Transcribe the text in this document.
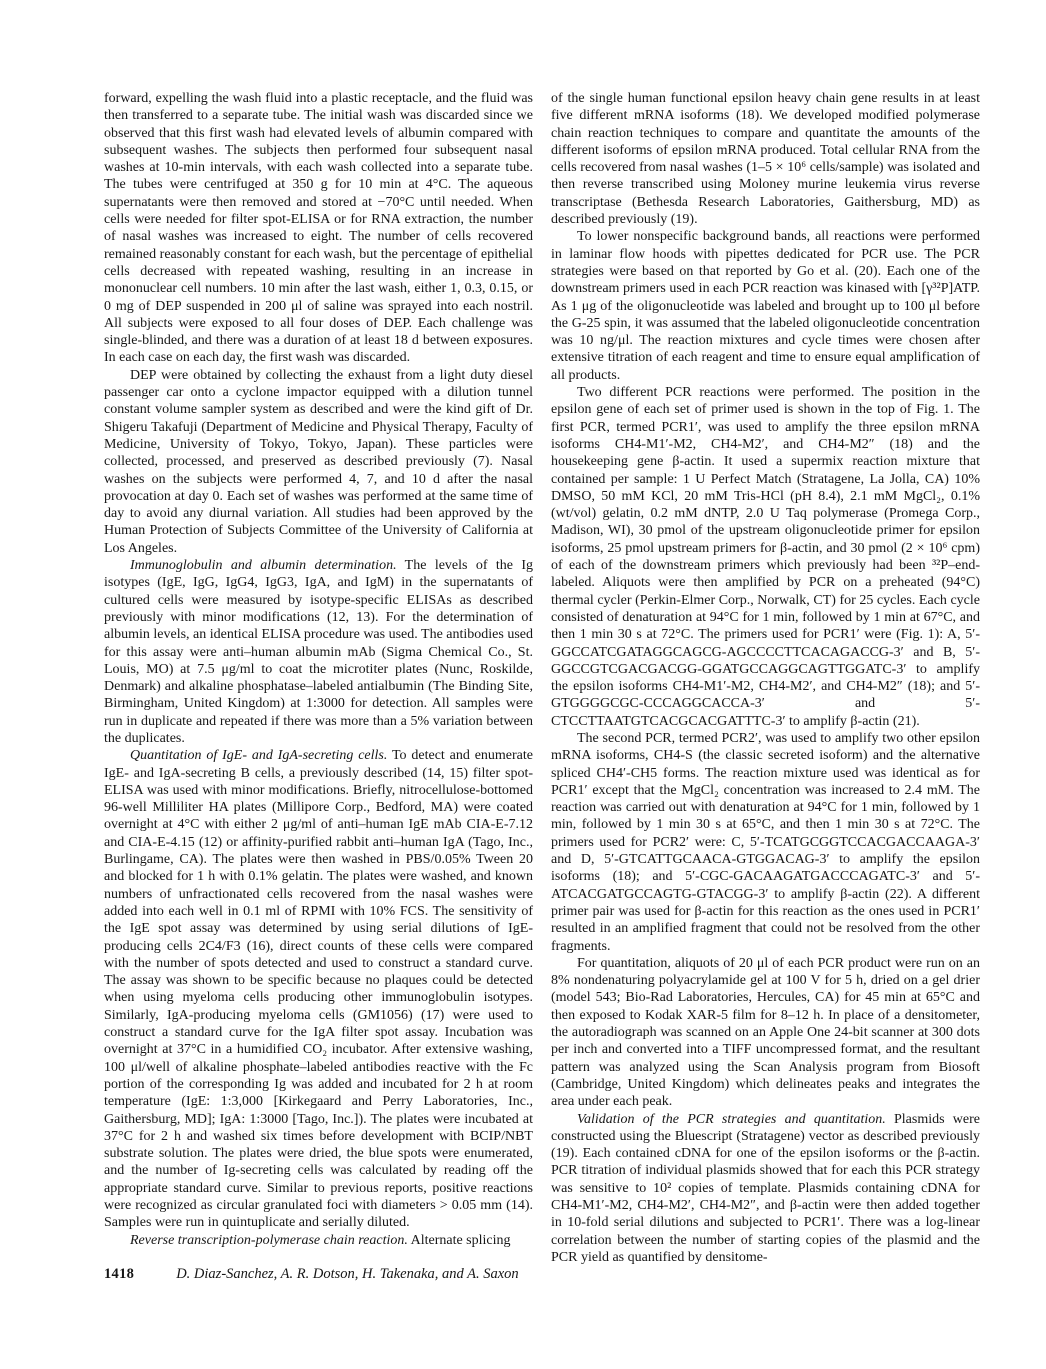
forward, expelling the wash fluid into a plastic receptacle, and the fluid was then transferred to a separate tube. The initial wash was discarded since we observed that this first wash had elevated levels of albumin compared with subsequent washes. The subjects then performed four subsequent nasal washes at 10-min intervals, with each wash collected into a separate tube. The tubes were centrifuged at 350 g for 10 min at 4°C. The aqueous supernatants were then removed and stored at −70°C until needed. When cells were needed for filter spot-ELISA or for RNA extraction, the number of nasal washes was increased to eight. The number of cells recovered remained reasonably constant for each wash, but the percentage of epithelial cells decreased with repeated washing, resulting in an increase in mononuclear cell numbers. 10 min after the last wash, either 1, 0.3, 0.15, or 0 mg of DEP suspended in 200 μl of saline was sprayed into each nostril. All subjects were exposed to all four doses of DEP. Each challenge was single-blinded, and there was a duration of at least 18 d between exposures. In each case on each day, the first wash was discarded.

DEP were obtained by collecting the exhaust from a light duty diesel passenger car onto a cyclone impactor equipped with a dilution tunnel constant volume sampler system as described and were the kind gift of Dr. Shigeru Takafuji (Department of Medicine and Physical Therapy, Faculty of Medicine, University of Tokyo, Tokyo, Japan). These particles were collected, processed, and preserved as described previously (7). Nasal washes on the subjects were performed 4, 7, and 10 d after the nasal provocation at day 0. Each set of washes was performed at the same time of day to avoid any diurnal variation. All studies had been approved by the Human Protection of Subjects Committee of the University of California at Los Angeles.

Immunoglobulin and albumin determination. The levels of the Ig isotypes (IgE, IgG, IgG4, IgG3, IgA, and IgM) in the supernatants of cultured cells were measured by isotype-specific ELISAs as described previously with minor modifications (12, 13). For the determination of albumin levels, an identical ELISA procedure was used. The antibodies used for this assay were anti–human albumin mAb (Sigma Chemical Co., St. Louis, MO) at 7.5 μg/ml to coat the microtiter plates (Nunc, Roskilde, Denmark) and alkaline phosphatase–labeled antialbumin (The Binding Site, Birmingham, United Kingdom) at 1:3000 for detection. All samples were run in duplicate and repeated if there was more than a 5% variation between the duplicates.

Quantitation of IgE- and IgA-secreting cells. To detect and enumerate IgE- and IgA-secreting B cells, a previously described (14, 15) filter spot-ELISA was used with minor modifications. Briefly, nitrocellulose-bottomed 96-well Milliliter HA plates (Millipore Corp., Bedford, MA) were coated overnight at 4°C with either 2 μg/ml of anti–human IgE mAb CIA-E-7.12 and CIA-E-4.15 (12) or affinity-purified rabbit anti–human IgA (Tago, Inc., Burlingame, CA). The plates were then washed in PBS/0.05% Tween 20 and blocked for 1 h with 0.1% gelatin. The plates were washed, and known numbers of unfractionated cells recovered from the nasal washes were added into each well in 0.1 ml of RPMI with 10% FCS. The sensitivity of the IgE spot assay was determined by using serial dilutions of IgE-producing cells 2C4/F3 (16), direct counts of these cells were compared with the number of spots detected and used to construct a standard curve. The assay was shown to be specific because no plaques could be detected when using myeloma cells producing other immunoglobulin isotypes. Similarly, IgA-producing myeloma cells (GM1056) (17) were used to construct a standard curve for the IgA filter spot assay. Incubation was overnight at 37°C in a humidified CO₂ incubator. After extensive washing, 100 μl/well of alkaline phosphate–labeled antibodies reactive with the Fc portion of the corresponding Ig was added and incubated for 2 h at room temperature (IgE: 1:3,000 [Kirkegaard and Perry Laboratories, Inc., Gaithersburg, MD]; IgA: 1:3000 [Tago, Inc.]). The plates were incubated at 37°C for 2 h and washed six times before development with BCIP/NBT substrate solution. The plates were dried, the blue spots were enumerated, and the number of Ig-secreting cells was calculated by reading off the appropriate standard curve. Similar to previous reports, positive reactions were recognized as circular granulated foci with diameters > 0.05 mm (14). Samples were run in quintuplicate and serially diluted.

Reverse transcription-polymerase chain reaction. Alternate splicing

of the single human functional epsilon heavy chain gene results in at least five different mRNA isoforms (18). We developed modified polymerase chain reaction techniques to compare and quantitate the amounts of the different isoforms of epsilon mRNA produced. Total cellular RNA from the cells recovered from nasal washes (1–5 × 10⁶ cells/sample) was isolated and then reverse transcribed using Moloney murine leukemia virus reverse transcriptase (Bethesda Research Laboratories, Gaithersburg, MD) as described previously (19).

To lower nonspecific background bands, all reactions were performed in laminar flow hoods with pipettes dedicated for PCR use. The PCR strategies were based on that reported by Go et al. (20). Each one of the downstream primers used in each PCR reaction was kinased with [γ³²P]ATP. As 1 μg of the oligonucleotide was labeled and brought up to 100 μl before the G-25 spin, it was assumed that the labeled oligonucleotide concentration was 10 ng/μl. The reaction mixtures and cycle times were chosen after extensive titration of each reagent and time to ensure equal amplification of all products.

Two different PCR reactions were performed. The position in the epsilon gene of each set of primer used is shown in the top of Fig. 1. The first PCR, termed PCR1′, was used to amplify the three epsilon mRNA isoforms CH4-M1′-M2, CH4-M2′, and CH4-M2″ (18) and the housekeeping gene β-actin. It used a supermix reaction mixture that contained per sample: 1 U Perfect Match (Stratagene, La Jolla, CA) 10% DMSO, 50 mM KCl, 20 mM Tris-HCl (pH 8.4), 2.1 mM MgCl₂, 0.1% (wt/vol) gelatin, 0.2 mM dNTP, 2.0 U Taq polymerase (Promega Corp., Madison, WI), 30 pmol of the upstream oligonucleotide primer for epsilon isoforms, 25 pmol upstream primers for β-actin, and 30 pmol (2 × 10⁶ cpm) of each of the downstream primers which previously had been ³²P–end-labeled. Aliquots were then amplified by PCR on a preheated (94°C) thermal cycler (Perkin-Elmer Corp., Norwalk, CT) for 25 cycles. Each cycle consisted of denaturation at 94°C for 1 min, followed by 1 min at 67°C, and then 1 min 30 s at 72°C. The primers used for PCR1′ were (Fig. 1): A, 5′-GGCCATCGATAGGCAGCG-AGCCCCTTCACAGACCG-3′ and B, 5′-GGCCGTCGACGACGG-GGATGCCAGGCAGTTGGATC-3′ to amplify the epsilon isoforms CH4-M1′-M2, CH4-M2′, and CH4-M2″ (18); and 5′-GTGGGGCGC-CCCAGGCACCA-3′ and 5′-CTCCTTAATGTCACGCACGATTTC-3′ to amplify β-actin (21).

The second PCR, termed PCR2′, was used to amplify two other epsilon mRNA isoforms, CH4-S (the classic secreted isoform) and the alternative spliced CH4′-CH5 forms. The reaction mixture used was identical as for PCR1′ except that the MgCl₂ concentration was increased to 2.4 mM. The reaction was carried out with denaturation at 94°C for 1 min, followed by 1 min, followed by 1 min 30 s at 65°C, and then 1 min 30 s at 72°C. The primers used for PCR2′ were: C, 5′-TCATGCGGTCCACGACCAAGA-3′ and D, 5′-GTCATTGCAACA-GTGGACAG-3′ to amplify the epsilon isoforms (18); and 5′-CGC-GACAAGATGACCCAGATC-3′ and 5′-ATCACGATGCCAGTG-GTACGG-3′ to amplify β-actin (22). A different primer pair was used for β-actin for this reaction as the ones used in PCR1′ resulted in an amplified fragment that could not be resolved from the other fragments.

For quantitation, aliquots of 20 μl of each PCR product were run on an 8% nondenaturing polyacrylamide gel at 100 V for 5 h, dried on a gel drier (model 543; Bio-Rad Laboratories, Hercules, CA) for 45 min at 65°C and then exposed to Kodak XAR-5 film for 8–12 h. In place of a densitometer, the autoradiograph was scanned on an Apple One 24-bit scanner at 300 dots per inch and converted into a TIFF uncompressed format, and the resultant pattern was analyzed using the Scan Analysis program from Biosoft (Cambridge, United Kingdom) which delineates peaks and integrates the area under each peak.

Validation of the PCR strategies and quantitation. Plasmids were constructed using the Bluescript (Stratagene) vector as described previously (19). Each contained cDNA for one of the epsilon isoforms or the β-actin. PCR titration of individual plasmids showed that for each this PCR strategy was sensitive to 10² copies of template. Plasmids containing cDNA for CH4-M1′-M2, CH4-M2′, CH4-M2″, and β-actin were then added together in 10-fold serial dilutions and subjected to PCR1′. There was a log-linear correlation between the number of starting copies of the plasmid and the PCR yield as quantified by densitome-

1418	D. Diaz-Sanchez, A. R. Dotson, H. Takenaka, and A. Saxon
